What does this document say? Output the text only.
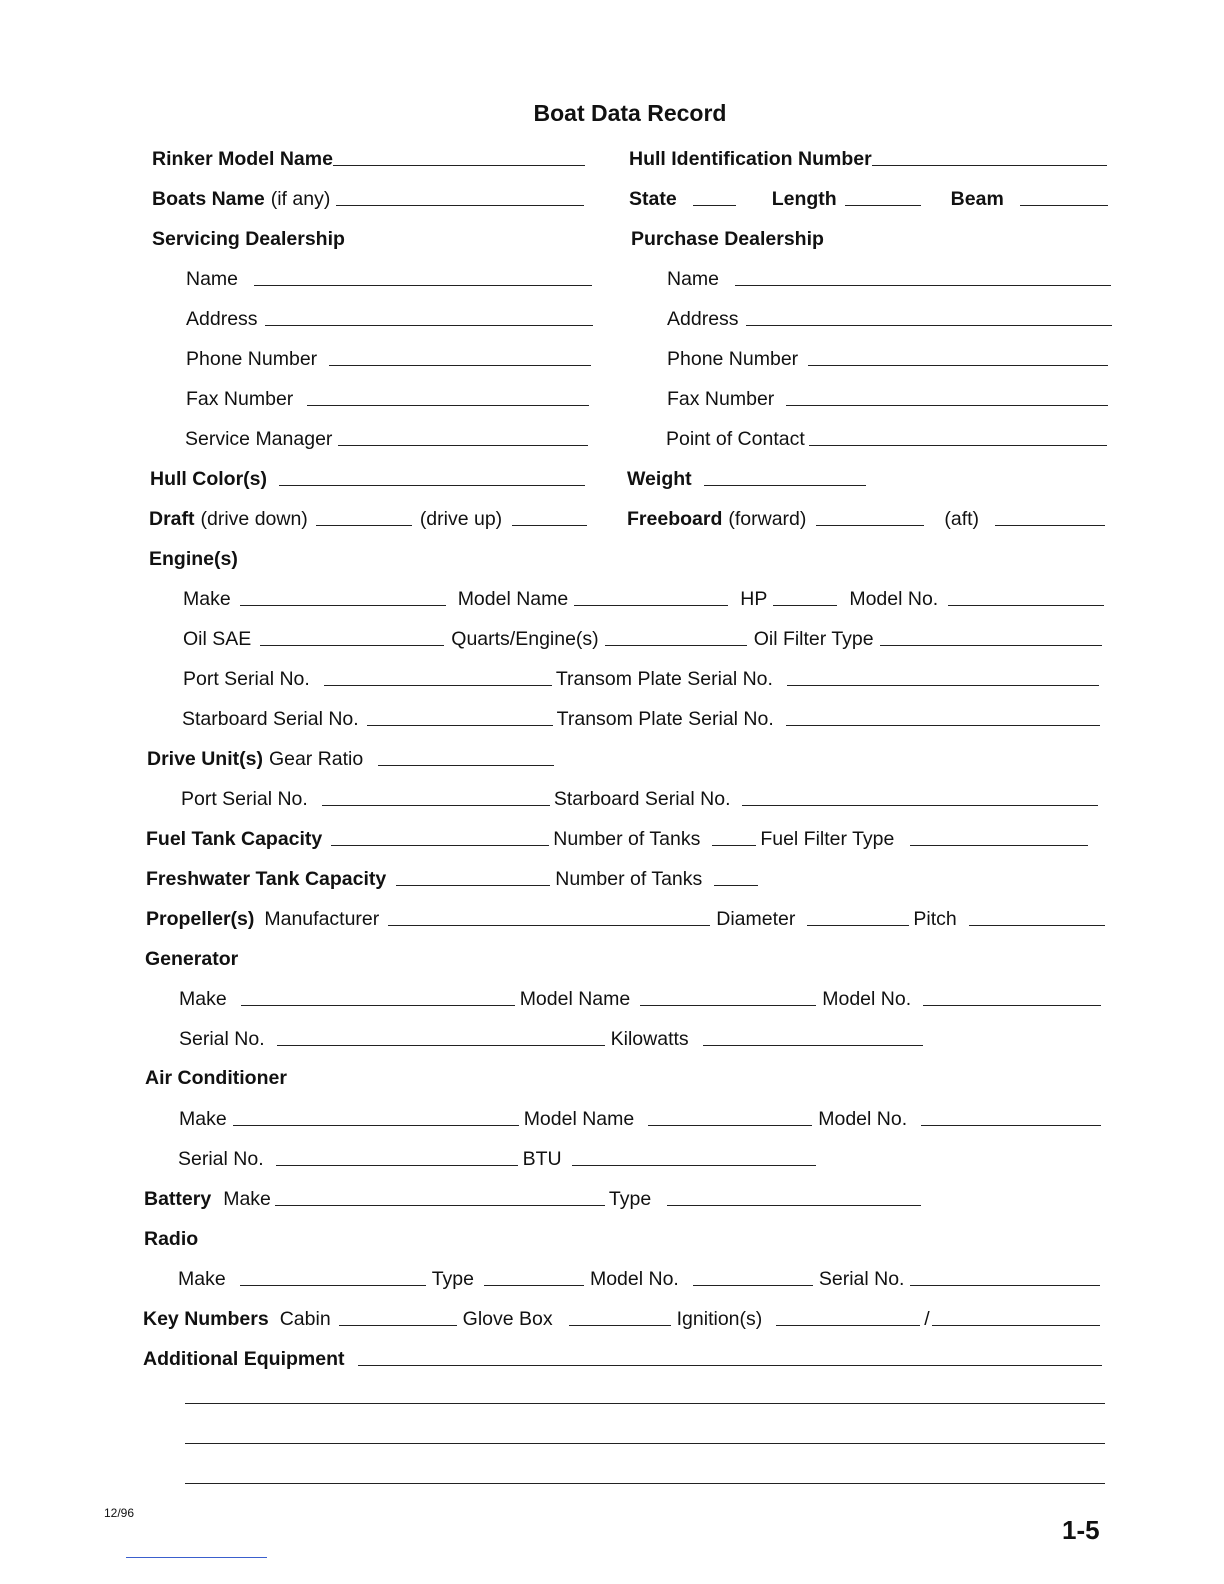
Boat Data Record
Rinker Model Name	Hull Identification Number
Boats Name (if any)	State	Length	Beam
Servicing Dealership	Purchase Dealership
Name	Name
Address	Address
Phone Number	Phone Number
Fax Number	Fax Number
Service Manager	Point of Contact
Hull Color(s)	Weight
Draft (drive down)	(drive up)	Freeboard (forward)	(aft)
Engine(s)
Make	Model Name	HP	Model No.
Oil SAE	Quarts/Engine(s)	Oil Filter Type
Port Serial No.	Transom Plate Serial No.
Starboard Serial No.	Transom Plate Serial No.
Drive Unit(s) Gear Ratio
Port Serial No.	Starboard Serial No.
Fuel Tank Capacity	Number of Tanks	Fuel Filter Type
Freshwater Tank Capacity	Number of Tanks
Propeller(s) Manufacturer	Diameter	Pitch
Generator
Make	Model Name	Model No.
Serial No.	Kilowatts
Air Conditioner
Make	Model Name	Model No.
Serial No.	BTU
Battery Make	Type
Radio
Make	Type	Model No.	Serial No.
Key Numbers Cabin	Glove Box	Ignition(s)	/
Additional Equipment
12/96
1-5
